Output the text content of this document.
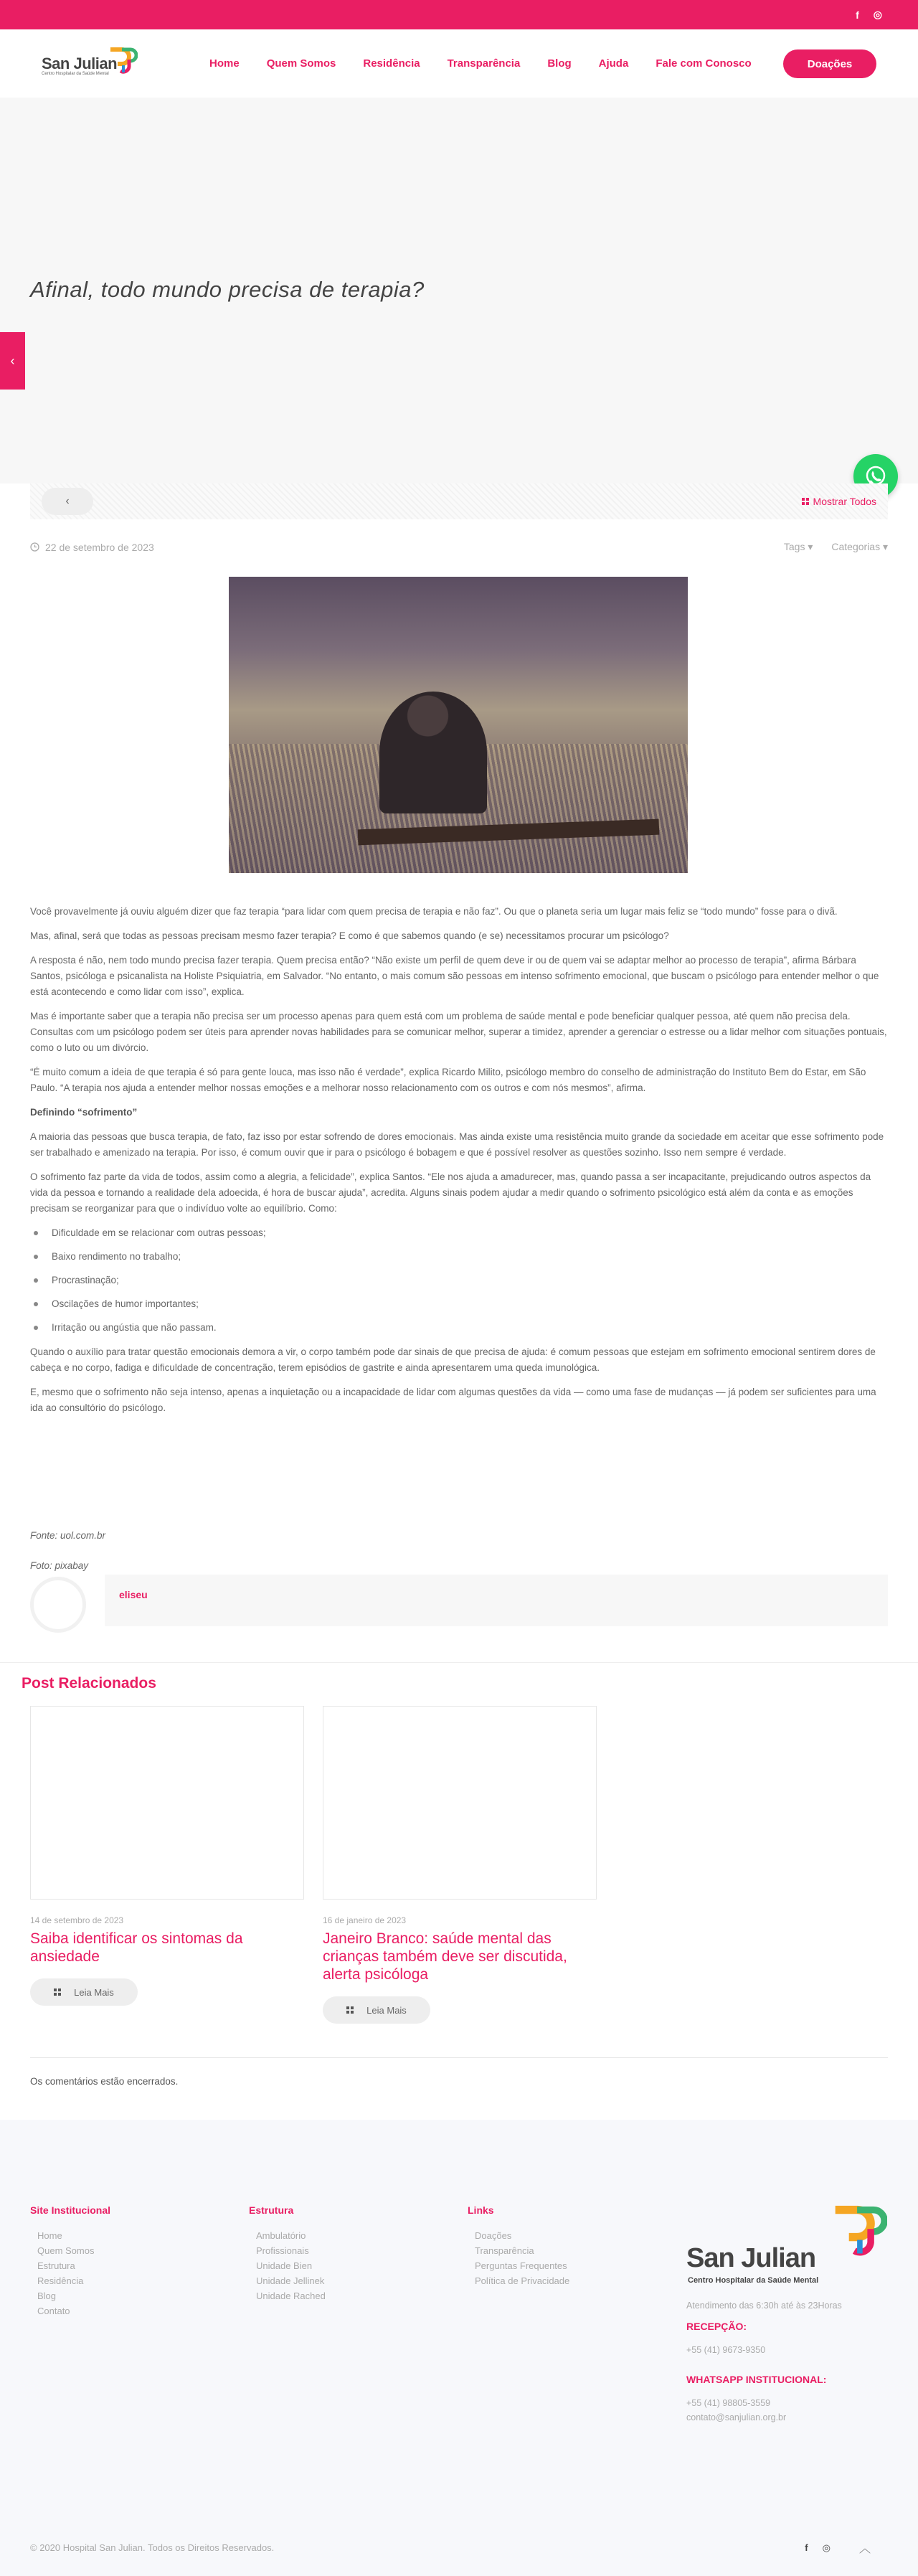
f ◎
San Julian
Centro Hospitalar da Saúde Mental
Home	Quem Somos	Residência	Transparência	Blog	Ajuda	Fale com Conosco	Doações
Afinal, todo mundo precisa de terapia?
‹
‹	Mostrar Todos
22 de setembro de 2023	Tags ▾ Categorias ▾

Você provavelmente já ouviu alguém dizer que faz terapia “para lidar com quem precisa de terapia e não faz”. Ou que o planeta seria um lugar mais feliz se “todo mundo” fosse para o divã.

Mas, afinal, será que todas as pessoas precisam mesmo fazer terapia? E como é que sabemos quando (e se) necessitamos procurar um psicólogo?

A resposta é não, nem todo mundo precisa fazer terapia. Quem precisa então? “Não existe um perfil de quem deve ir ou de quem vai se adaptar melhor ao processo de terapia”, afirma Bárbara Santos, psicóloga e psicanalista na Holiste Psiquiatria, em Salvador. “No entanto, o mais comum são pessoas em intenso sofrimento emocional, que buscam o psicólogo para entender melhor o que está acontecendo e como lidar com isso”, explica.

Mas é importante saber que a terapia não precisa ser um processo apenas para quem está com um problema de saúde mental e pode beneficiar qualquer pessoa, até quem não precisa dela. Consultas com um psicólogo podem ser úteis para aprender novas habilidades para se comunicar melhor, superar a timidez, aprender a gerenciar o estresse ou a lidar melhor com situações pontuais, como o luto ou um divórcio.

“É muito comum a ideia de que terapia é só para gente louca, mas isso não é verdade”, explica Ricardo Milito, psicólogo membro do conselho de administração do Instituto Bem do Estar, em São Paulo. “A terapia nos ajuda a entender melhor nossas emoções e a melhorar nosso relacionamento com os outros e com nós mesmos”, afirma.

Definindo “sofrimento”

A maioria das pessoas que busca terapia, de fato, faz isso por estar sofrendo de dores emocionais. Mas ainda existe uma resistência muito grande da sociedade em aceitar que esse sofrimento pode ser trabalhado e amenizado na terapia. Por isso, é comum ouvir que ir para o psicólogo é bobagem e que é possível resolver as questões sozinho. Isso nem sempre é verdade.

O sofrimento faz parte da vida de todos, assim como a alegria, a felicidade”, explica Santos. “Ele nos ajuda a amadurecer, mas, quando passa a ser incapacitante, prejudicando outros aspectos da vida da pessoa e tornando a realidade dela adoecida, é hora de buscar ajuda”, acredita. Alguns sinais podem ajudar a medir quando o sofrimento psicológico está além da conta e as emoções precisam se reorganizar para que o indivíduo volte ao equilíbrio. Como:

Dificuldade em se relacionar com outras pessoas;
Baixo rendimento no trabalho;
Procrastinação;
Oscilações de humor importantes;
Irritação ou angústia que não passam.

Quando o auxílio para tratar questão emocionais demora a vir, o corpo também pode dar sinais de que precisa de ajuda: é comum pessoas que estejam em sofrimento emocional sentirem dores de cabeça e no corpo, fadiga e dificuldade de concentração, terem episódios de gastrite e ainda apresentarem uma queda imunológica.

E, mesmo que o sofrimento não seja intenso, apenas a inquietação ou a incapacidade de lidar com algumas questões da vida — como uma fase de mudanças — já podem ser suficientes para uma ida ao consultório do psicólogo.

Fonte: uol.com.br
Foto: pixabay
eliseu
Post Relacionados
14 de setembro de 2023
Saiba identificar os sintomas da ansiedade
Leia Mais
16 de janeiro de 2023
Janeiro Branco: saúde mental das crianças também deve ser discutida, alerta psicóloga
Leia Mais
Os comentários estão encerrados.
Site Institucional
Home
Quem Somos
Estrutura
Residência
Blog
Contato
Estrutura
Ambulatório
Profissionais
Unidade Bien
Unidade Jellinek
Unidade Rached
Links
Doações
Transparência
Perguntas Frequentes
Política de Privacidade
San Julian
Centro Hospitalar da Saúde Mental
Atendimento das 6:30h até às 23Horas
RECEPÇÃO:
+55 (41) 9673-9350
WHATSAPP INSTITUCIONAL:
+55 (41) 98805-3559
contato@sanjulian.org.br
© 2020 Hospital San Julian. Todos os Direitos Reservados.	f ◎	︿
